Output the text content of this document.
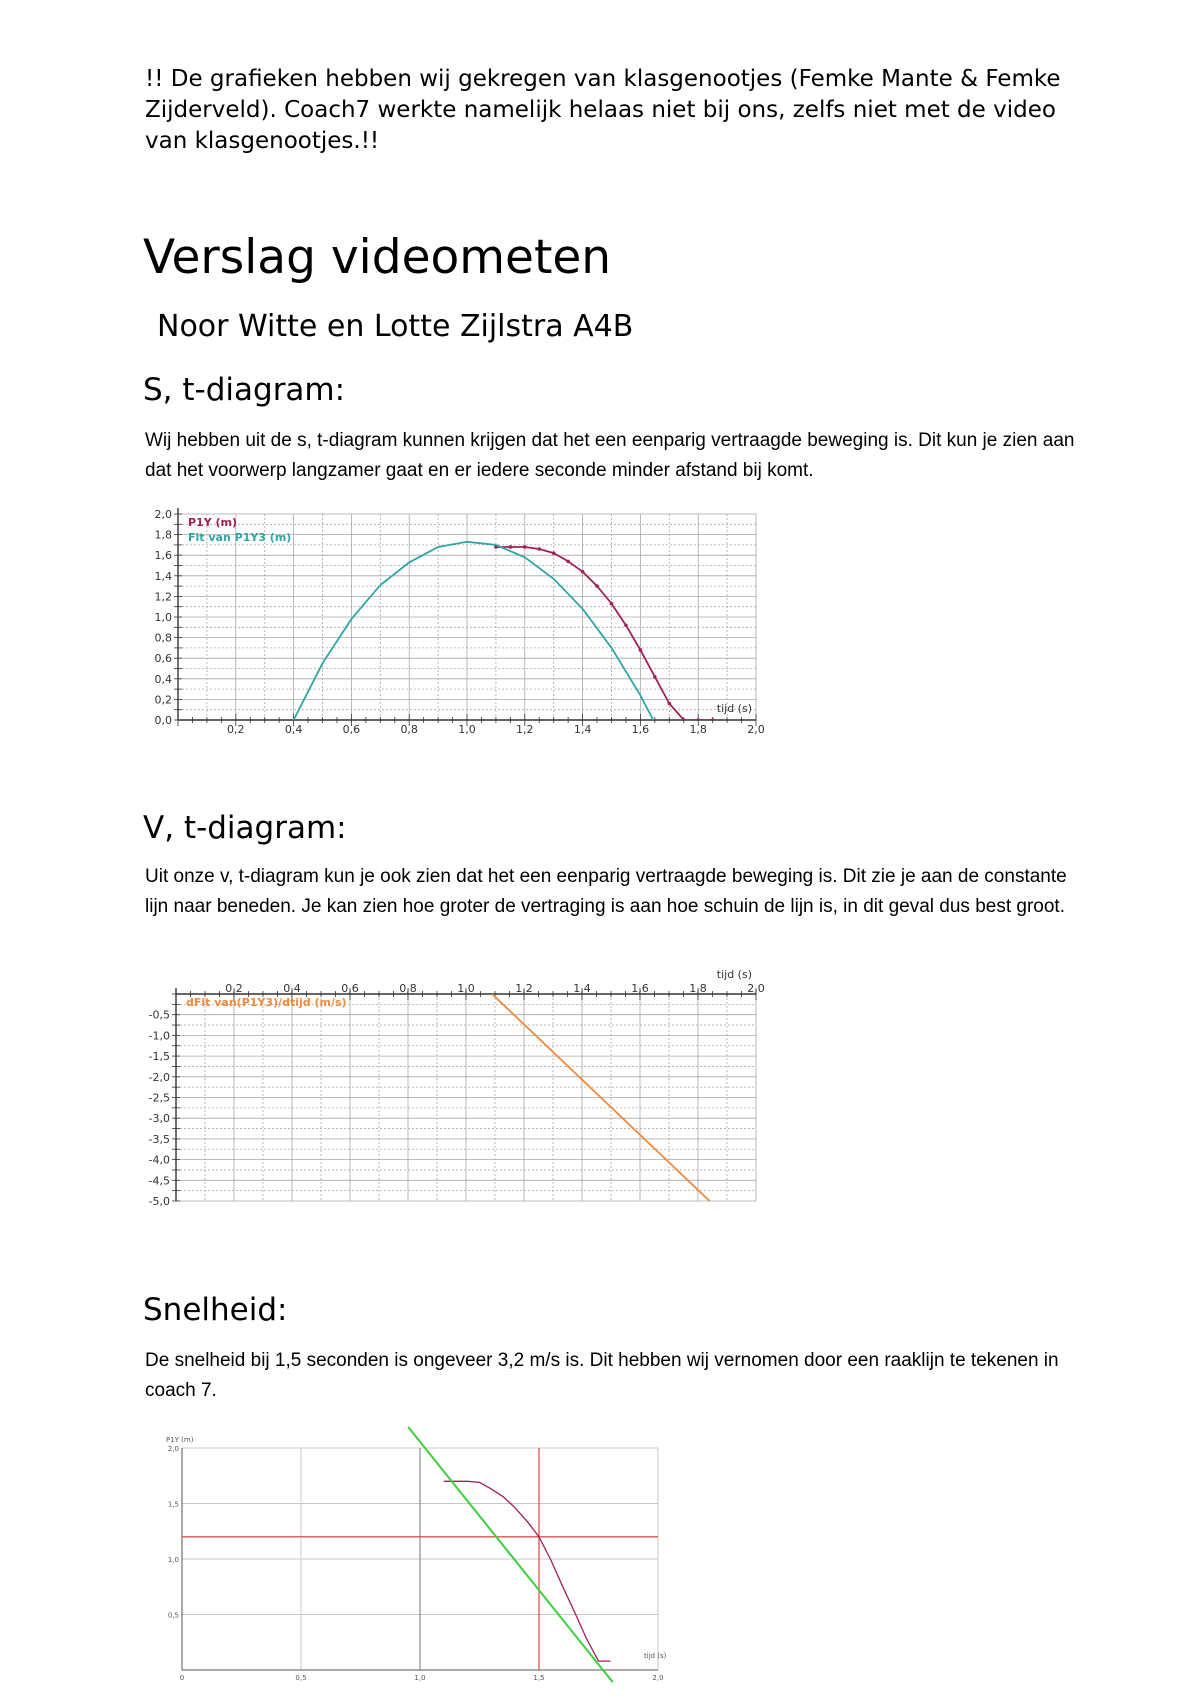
!! De grafieken hebben wij gekregen van klasgenootjes (Femke Mante & Femke Zijderveld). Coach7 werkte namelijk helaas niet bij ons, zelfs niet met de video van klasgenootjes.!!

Verslag videometen
Noor Witte en Lotte Zijlstra A4B
S, t-diagram:

Wij hebben uit de s, t-diagram kunnen krijgen dat het een eenparig vertraagde beweging is. Dit kun je zien aan dat het voorwerp langzamer gaat en er iedere seconde minder afstand bij komt.

0,2	0,4	0,6	0,8	1,0	1,2	1,4	1,6	1,8	2,0
0,0
0,2
0,4
0,6
0,8
1,0
1,2
1,4
1,6
1,8
2,0
tijd (s)
P1Y (m)
Fit van P1Y3 (m)
V, t-diagram:

Uit onze v, t-diagram kun je ook zien dat het een eenparig vertraagde beweging is. Dit zie je aan de constante lijn naar beneden. Je kan zien hoe groter de vertraging is aan hoe schuin de lijn is, in dit geval dus best groot.

0,2	0,4	0,6	0,8	1,0	1,2	1,4	1,6	1,8	2,0
-0,5
-1,0
-1,5
-2,0
-2,5
-3,0
-3,5
-4,0
-4,5
-5,0
tijd (s)
dFit van(P1Y3)/dtijd (m/s)
Snelheid:

De snelheid bij 1,5 seconden is ongeveer 3,2 m/s is. Dit hebben wij vernomen door een raaklijn te tekenen in coach 7.

0	0,5	1,0	1,5	2,0
0,5
1,0
1,5
2,0
P1Y (m)
tijd (s)
